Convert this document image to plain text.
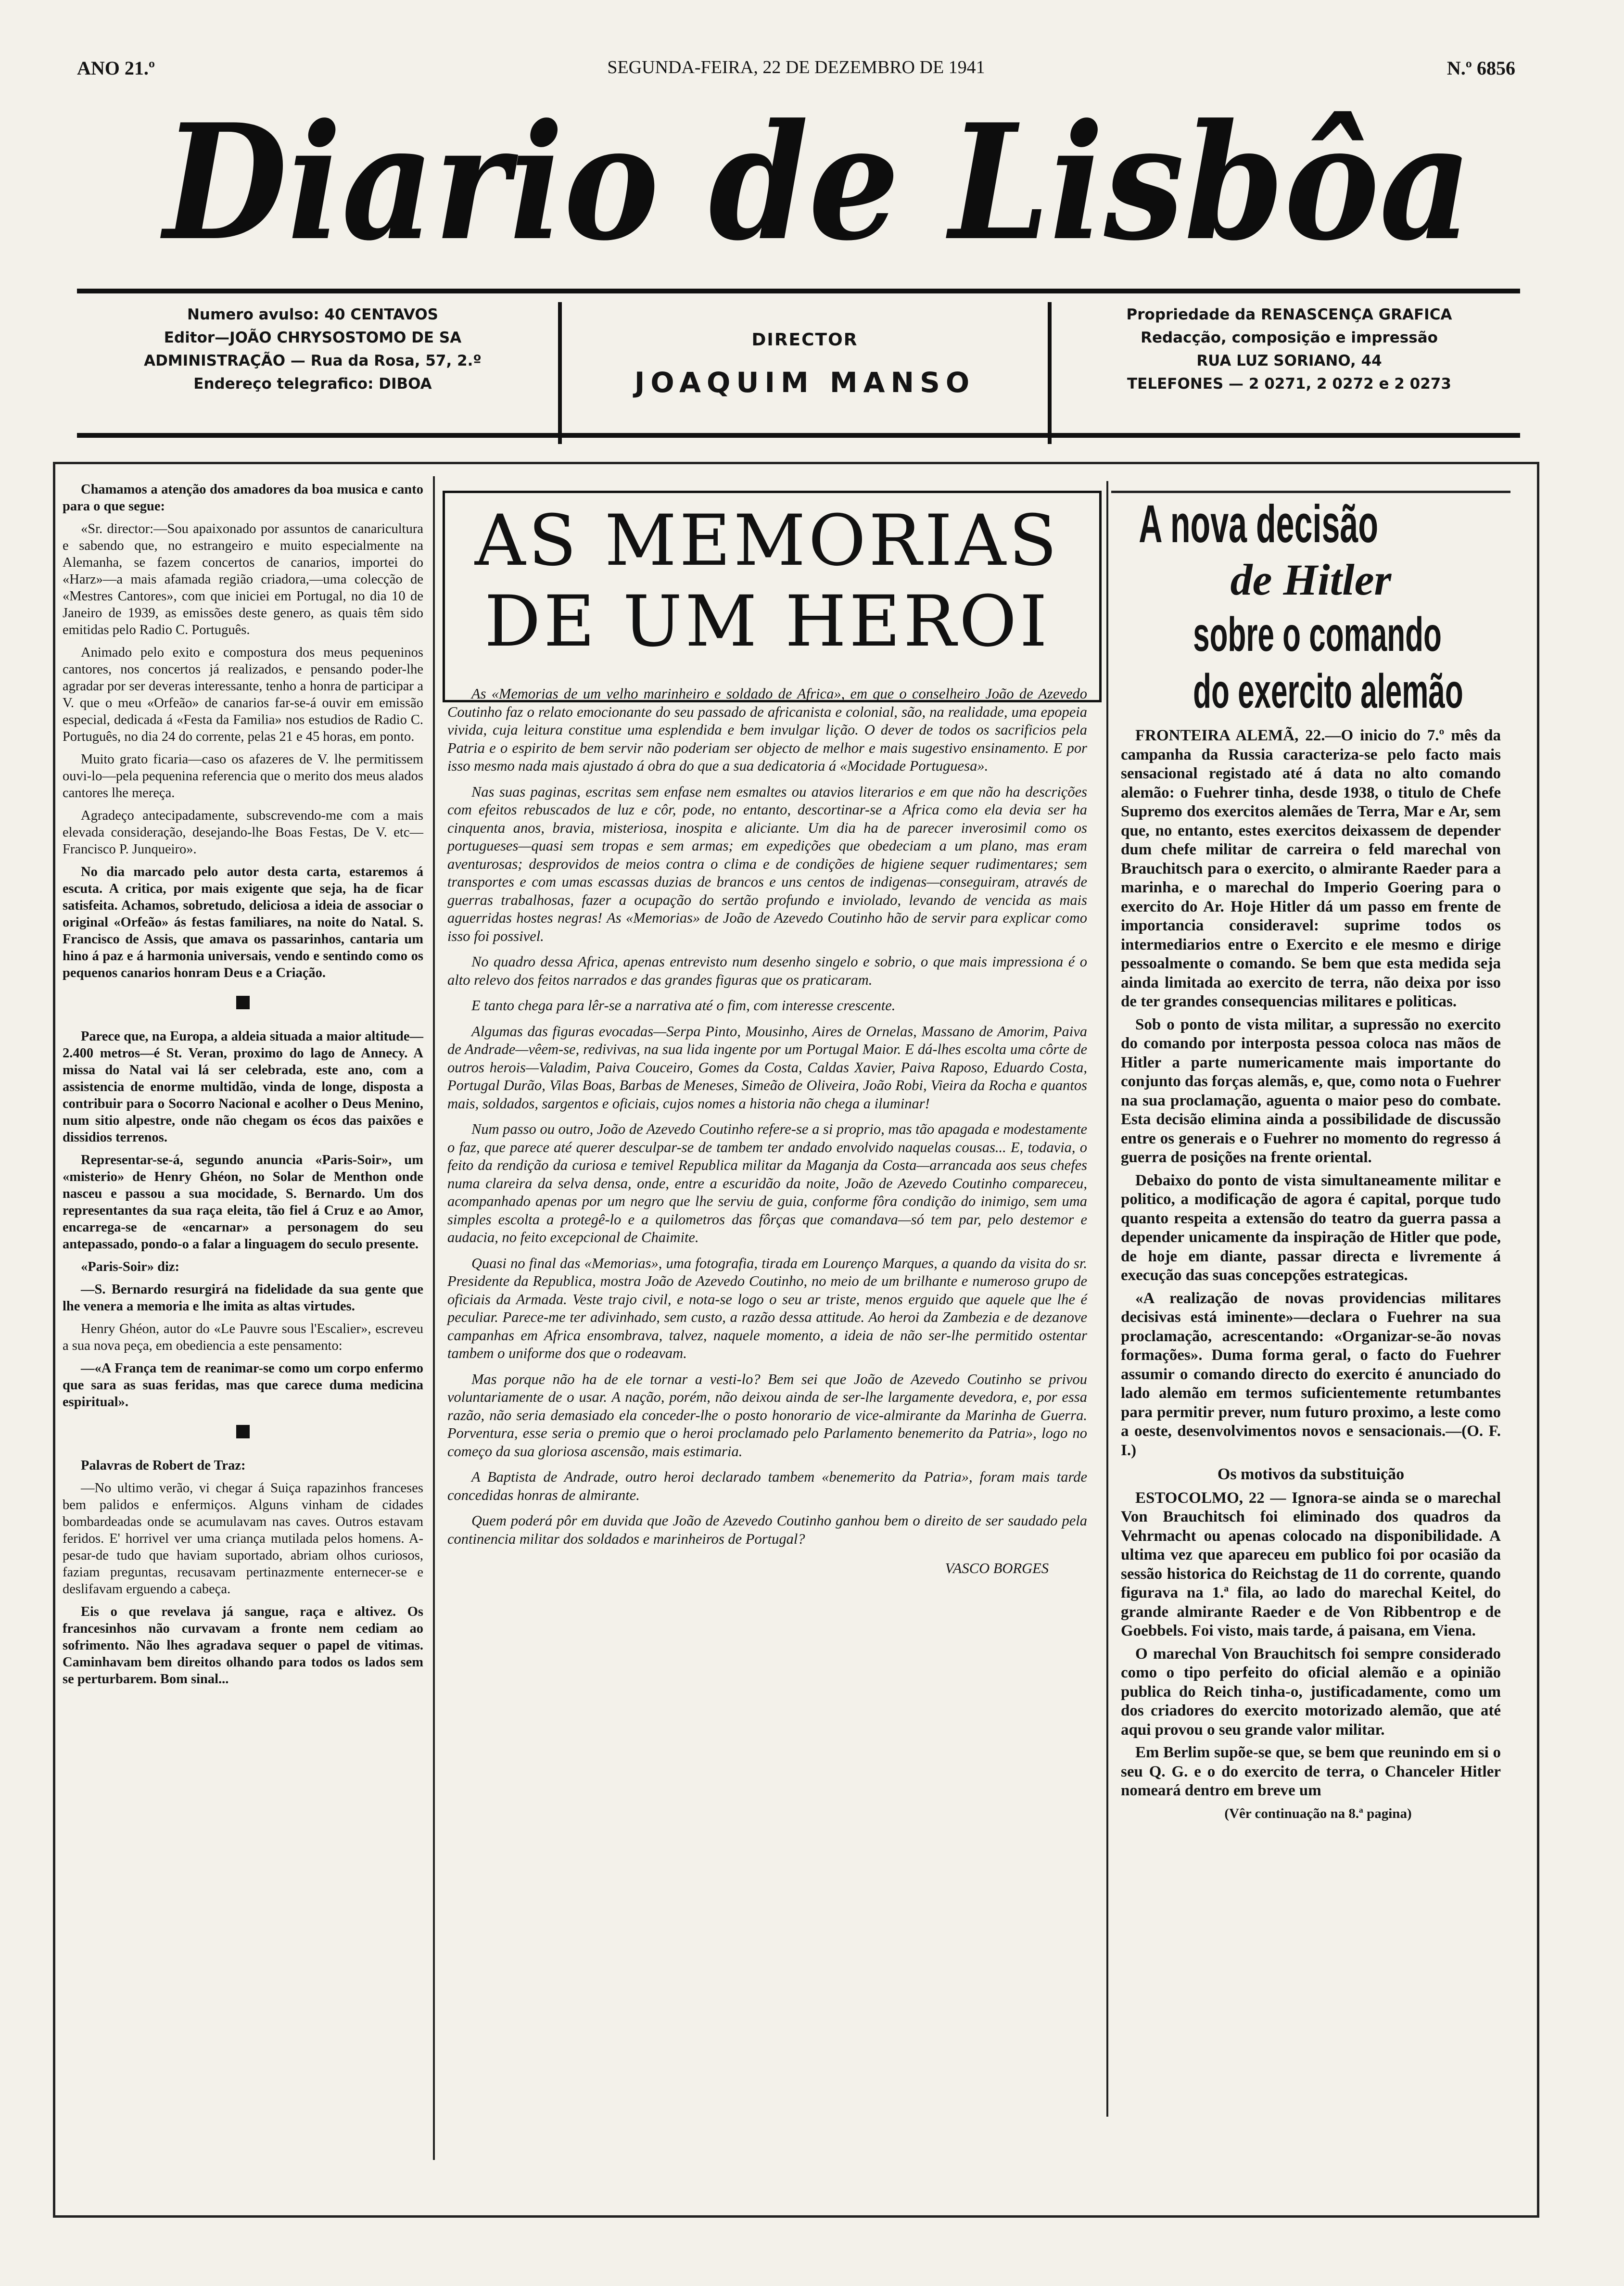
SEGUNDA-FEIRA, 22 DE DEZEMBRO DE 1941
ANO 21.º	N.º 6856
Diario de Lisbôa
Numero avulso: 40 CENTAVOS
Editor—JOÃO CHRYSOSTOMO DE SA
ADMINISTRAÇÃO — Rua da Rosa, 57, 2.º
Endereço telegrafico: DIBOA
DIRECTOR
JOAQUIM MANSO
Propriedade da RENASCENÇA GRAFICA
Redacção, composição e impressão
RUA LUZ SORIANO, 44
TELEFONES — 2 0271, 2 0272 e 2 0273

Chamamos a atenção dos amadores da boa musica e canto para o que segue:

«Sr. director:—Sou apaixonado por assuntos de canaricultura e sabendo que, no estrangeiro e muito especialmente na Alemanha, se fazem concertos de canarios, importei do «Harz»—a mais afamada região criadora,—uma colecção de «Mestres Cantores», com que iniciei em Portugal, no dia 10 de Janeiro de 1939, as emissões deste genero, as quais têm sido emitidas pelo Radio C. Português.

Animado pelo exito e compostura dos meus pequeninos cantores, nos concertos já realizados, e pensando poder-lhe agradar por ser deveras interessante, tenho a honra de participar a V. que o meu «Orfeão» de canarios far-se-á ouvir em emissão especial, dedicada á «Festa da Familia» nos estudios de Radio C. Português, no dia 24 do corrente, pelas 21 e 45 horas, em ponto.

Muito grato ficaria—caso os afazeres de V. lhe permitissem ouvi-lo—pela pequenina referencia que o merito dos meus alados cantores lhe mereça.

Agradeço antecipadamente, subscrevendo-me com a mais elevada consideração, desejando-lhe Boas Festas, De V. etc— Francisco P. Junqueiro».

No dia marcado pelo autor desta carta, estaremos á escuta. A critica, por mais exigente que seja, ha de ficar satisfeita. Achamos, sobretudo, deliciosa a ideia de associar o original «Orfeão» ás festas familiares, na noite do Natal. S. Francisco de Assis, que amava os passarinhos, cantaria um hino á paz e á harmonia universais, vendo e sentindo como os pequenos canarios honram Deus e a Criação.

Parece que, na Europa, a aldeia situada a maior altitude—2.400 metros—é St. Veran, proximo do lago de Annecy. A missa do Natal vai lá ser celebrada, este ano, com a assistencia de enorme multidão, vinda de longe, disposta a contribuir para o Socorro Nacional e acolher o Deus Menino, num sitio alpestre, onde não chegam os écos das paixões e dissidios terrenos.

Representar-se-á, segundo anuncia «Paris-Soir», um «misterio» de Henry Ghéon, no Solar de Menthon onde nasceu e passou a sua mocidade, S. Bernardo. Um dos representantes da sua raça eleita, tão fiel á Cruz e ao Amor, encarrega-se de «encarnar» a personagem do seu antepassado, pondo-o a falar a linguagem do seculo presente.

«Paris-Soir» diz:

—S. Bernardo resurgirá na fidelidade da sua gente que lhe venera a memoria e lhe imita as altas virtudes.

Henry Ghéon, autor do «Le Pauvre sous l'Escalier», escreveu a sua nova peça, em obediencia a este pensamento:

—«A França tem de reanimar-se como um corpo enfermo que sara as suas feridas, mas que carece duma medicina espiritual».

Palavras de Robert de Traz:

—No ultimo verão, vi chegar á Suiça rapazinhos franceses bem palidos e enfermiços. Alguns vinham de cidades bombardeadas onde se acumulavam nas caves. Outros estavam feridos. E' horrivel ver uma criança mutilada pelos homens. A-pesar-de tudo que haviam suportado, abriam olhos curiosos, faziam preguntas, recusavam pertinazmente enternecer-se e deslifavam erguendo a cabeça.

Eis o que revelava já sangue, raça e altivez. Os francesinhos não curvavam a fronte nem cediam ao sofrimento. Não lhes agradava sequer o papel de vitimas. Caminhavam bem direitos olhando para todos os lados sem se perturbarem. Bom sinal...

AS MEMORIAS
DE UM HEROI

As «Memorias de um velho marinheiro e soldado de Africa», em que o conselheiro João de Azevedo Coutinho faz o relato emocionante do seu passado de africanista e colonial, são, na realidade, uma epopeia vivida, cuja leitura constitue uma esplendida e bem invulgar lição. O dever de todos os sacrificios pela Patria e o espirito de bem servir não poderiam ser objecto de melhor e mais sugestivo ensinamento. E por isso mesmo nada mais ajustado á obra do que a sua dedicatoria á «Mocidade Portuguesa».

Nas suas paginas, escritas sem enfase nem esmaltes ou atavios literarios e em que não ha descrições com efeitos rebuscados de luz e côr, pode, no entanto, descortinar-se a Africa como ela devia ser ha cinquenta anos, bravia, misteriosa, inospita e aliciante. Um dia ha de parecer inverosimil como os portugueses—quasi sem tropas e sem armas; em expedições que obedeciam a um plano, mas eram aventurosas; desprovidos de meios contra o clima e de condições de higiene sequer rudimentares; sem transportes e com umas escassas duzias de brancos e uns centos de indigenas—conseguiram, através de guerras trabalhosas, fazer a ocupação do sertão profundo e inviolado, levando de vencida as mais aguerridas hostes negras! As «Memorias» de João de Azevedo Coutinho hão de servir para explicar como isso foi possivel.

No quadro dessa Africa, apenas entrevisto num desenho singelo e sobrio, o que mais impressiona é o alto relevo dos feitos narrados e das grandes figuras que os praticaram.

E tanto chega para lêr-se a narrativa até o fim, com interesse crescente.

Algumas das figuras evocadas—Serpa Pinto, Mousinho, Aires de Ornelas, Massano de Amorim, Paiva de Andrade—vêem-se, redivivas, na sua lida ingente por um Portugal Maior. E dá-lhes escolta uma côrte de outros herois—Valadim, Paiva Couceiro, Gomes da Costa, Caldas Xavier, Paiva Raposo, Eduardo Costa, Portugal Durão, Vilas Boas, Barbas de Meneses, Simeão de Oliveira, João Robi, Vieira da Rocha e quantos mais, soldados, sargentos e oficiais, cujos nomes a historia não chega a iluminar!

Num passo ou outro, João de Azevedo Coutinho refere-se a si proprio, mas tão apagada e modestamente o faz, que parece até querer desculpar-se de tambem ter andado envolvido naquelas cousas... E, todavia, o feito da rendição da curiosa e temivel Republica militar da Maganja da Costa—arrancada aos seus chefes numa clareira da selva densa, onde, entre a escuridão da noite, João de Azevedo Coutinho compareceu, acompanhado apenas por um negro que lhe serviu de guia, conforme fôra condição do inimigo, sem uma simples escolta a protegê-lo e a quilometros das fôrças que comandava—só tem par, pelo destemor e audacia, no feito excepcional de Chaimite.

Quasi no final das «Memorias», uma fotografia, tirada em Lourenço Marques, a quando da visita do sr. Presidente da Republica, mostra João de Azevedo Coutinho, no meio de um brilhante e numeroso grupo de oficiais da Armada. Veste trajo civil, e nota-se logo o seu ar triste, menos erguido que aquele que lhe é peculiar. Parece-me ter adivinhado, sem custo, a razão dessa attitude. Ao heroi da Zambezia e de dezanove campanhas em Africa ensombrava, talvez, naquele momento, a ideia de não ser-lhe permitido ostentar tambem o uniforme dos que o rodeavam.

Mas porque não ha de ele tornar a vesti-lo? Bem sei que João de Azevedo Coutinho se privou voluntariamente de o usar. A nação, porém, não deixou ainda de ser-lhe largamente devedora, e, por essa razão, não seria demasiado ela conceder-lhe o posto honorario de vice-almirante da Marinha de Guerra. Porventura, esse seria o premio que o heroi proclamado pelo Parlamento benemerito da Patria», logo no começo da sua gloriosa ascensão, mais estimaria.

A Baptista de Andrade, outro heroi declarado tambem «benemerito da Patria», foram mais tarde concedidas honras de almirante.

Quem poderá pôr em duvida que João de Azevedo Coutinho ganhou bem o direito de ser saudado pela continencia militar dos soldados e marinheiros de Portugal?

VASCO BORGES

A nova decisão
de Hitler
sobre o comando
do exercito alemão

FRONTEIRA ALEMÃ, 22.—O inicio do 7.º mês da campanha da Russia caracteriza-se pelo facto mais sensacional registado até á data no alto comando alemão: o Fuehrer tinha, desde 1938, o titulo de Chefe Supremo dos exercitos alemães de Terra, Mar e Ar, sem que, no entanto, estes exercitos deixassem de depender dum chefe militar de carreira o feld marechal von Brauchitsch para o exercito, o almirante Raeder para a marinha, e o marechal do Imperio Goering para o exercito do Ar. Hoje Hitler dá um passo em frente de importancia consideravel: suprime todos os intermediarios entre o Exercito e ele mesmo e dirige pessoalmente o comando. Se bem que esta medida seja ainda limitada ao exercito de terra, não deixa por isso de ter grandes consequencias militares e politicas.

Sob o ponto de vista militar, a supressão no exercito do comando por interposta pessoa coloca nas mãos de Hitler a parte numericamente mais importante do conjunto das forças alemãs, e, que, como nota o Fuehrer na sua proclamação, aguenta o maior peso do combate. Esta decisão elimina ainda a possibilidade de discussão entre os generais e o Fuehrer no momento do regresso á guerra de posições na frente oriental.

Debaixo do ponto de vista simultaneamente militar e politico, a modificação de agora é capital, porque tudo quanto respeita a extensão do teatro da guerra passa a depender unicamente da inspiração de Hitler que pode, de hoje em diante, passar directa e livremente á execução das suas concepções estrategicas.

«A realização de novas providencias militares decisivas está iminente»—declara o Fuehrer na sua proclamação, acrescentando: «Organizar-se-ão novas formações». Duma forma geral, o facto do Fuehrer assumir o comando directo do exercito é anunciado do lado alemão em termos suficientemente retumbantes para permitir prever, num futuro proximo, a leste como a oeste, desenvolvimentos novos e sensacionais.—(O. F. I.)

Os motivos da substituição

ESTOCOLMO, 22 — Ignora-se ainda se o marechal Von Brauchitsch foi eliminado dos quadros da Vehrmacht ou apenas colocado na disponibilidade. A ultima vez que apareceu em publico foi por ocasião da sessão historica do Reichstag de 11 do corrente, quando figurava na 1.ª fila, ao lado do marechal Keitel, do grande almirante Raeder e de Von Ribbentrop e de Goebbels. Foi visto, mais tarde, á paisana, em Viena.

O marechal Von Brauchitsch foi sempre considerado como o tipo perfeito do oficial alemão e a opinião publica do Reich tinha-o, justificadamente, como um dos criadores do exercito motorizado alemão, que até aqui provou o seu grande valor militar.

Em Berlim supõe-se que, se bem que reunindo em si o seu Q. G. e o do exercito de terra, o Chanceler Hitler nomeará dentro em breve um

(Vêr continuação na 8.ª pagina)
